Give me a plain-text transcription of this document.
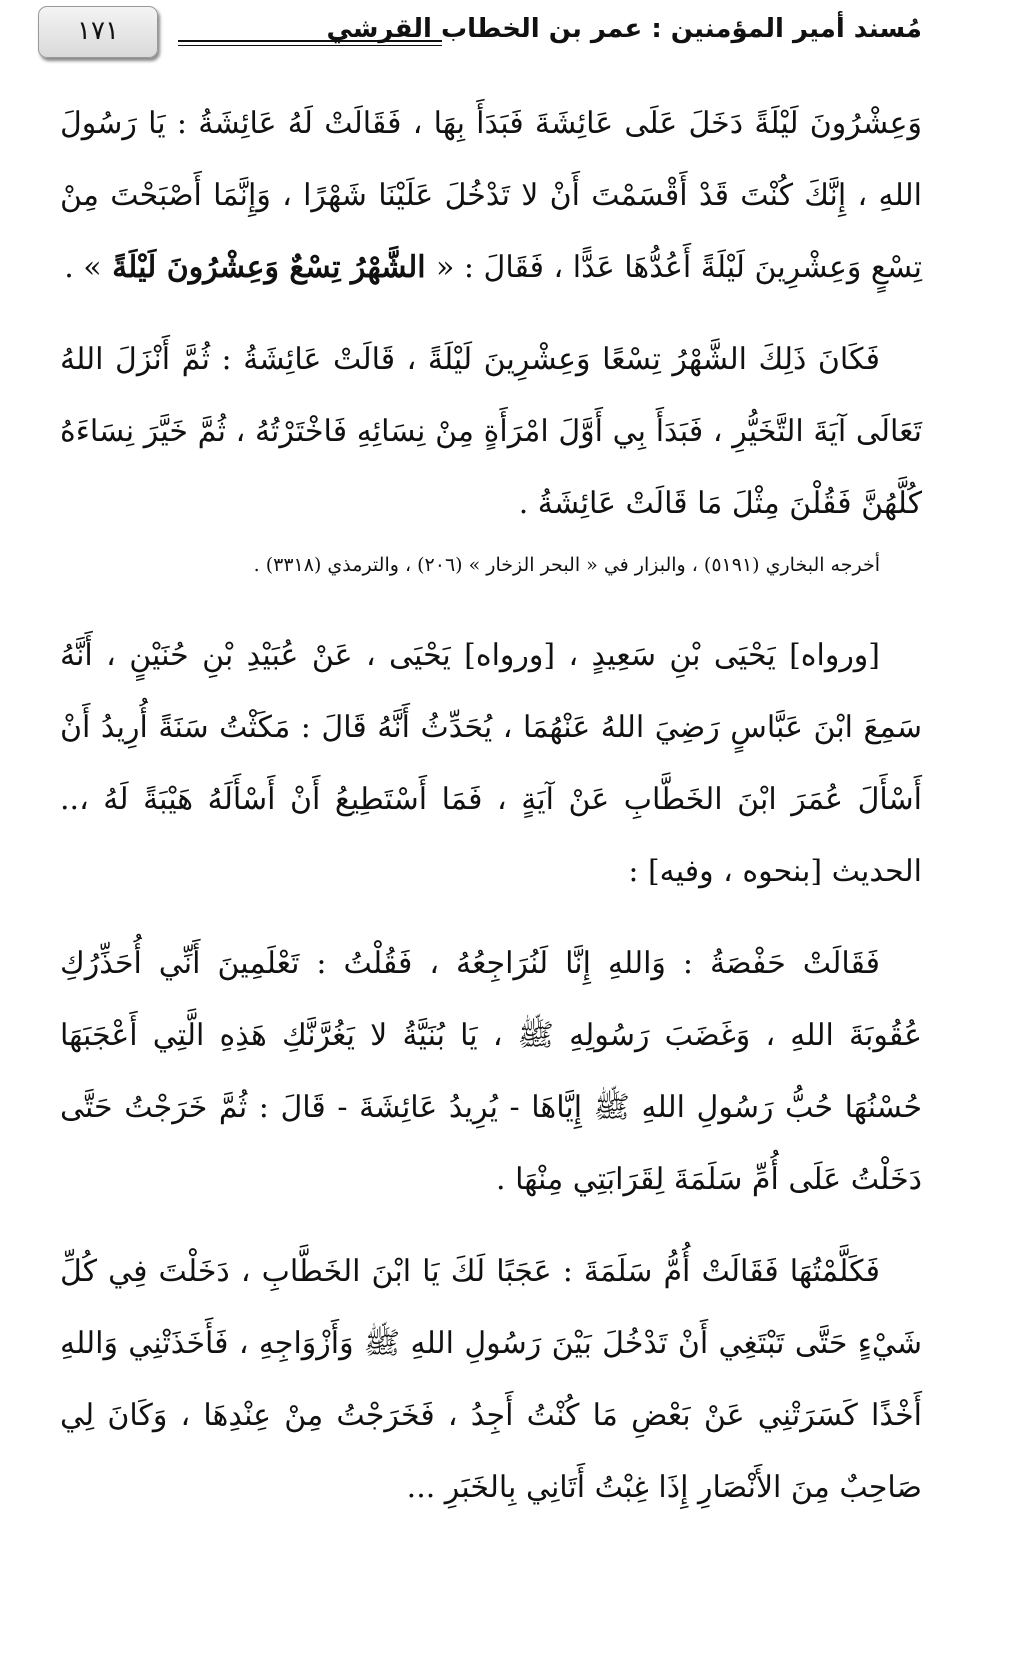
مُسند أمير المؤمنين : عمر بن الخطاب القرشي
١٧١

وَعِشْرُونَ لَيْلَةً دَخَلَ عَلَى عَائِشَةَ فَبَدَأَ بِهَا ، فَقَالَتْ لَهُ عَائِشَةُ : يَا رَسُولَ اللهِ ، إِنَّكَ كُنْتَ قَدْ أَقْسَمْتَ أَنْ لا تَدْخُلَ عَلَيْنَا شَهْرًا ، وَإِنَّمَا أَصْبَحْتَ مِنْ تِسْعٍ وَعِشْرِينَ لَيْلَةً أَعُدُّهَا عَدًّا ، فَقَالَ : « الشَّهْرُ تِسْعٌ وَعِشْرُونَ لَيْلَةً » .

فَكَانَ ذَلِكَ الشَّهْرُ تِسْعًا وَعِشْرِينَ لَيْلَةً ، قَالَتْ عَائِشَةُ : ثُمَّ أَنْزَلَ اللهُ تَعَالَى آيَةَ التَّخَيُّرِ ، فَبَدَأَ بِي أَوَّلَ امْرَأَةٍ مِنْ نِسَائِهِ فَاخْتَرْتُهُ ، ثُمَّ خَيَّرَ نِسَاءَهُ كُلَّهُنَّ فَقُلْنَ مِثْلَ مَا قَالَتْ عَائِشَةُ .

أخرجه البخاري (٥١٩١) ، والبزار في « البحر الزخار » (٢٠٦) ، والترمذي (٣٣١٨) .

[ورواه] يَحْيَى بْنِ سَعِيدٍ ، [ورواه] يَحْيَى ، عَنْ عُبَيْدِ بْنِ حُنَيْنٍ ، أَنَّهُ سَمِعَ ابْنَ عَبَّاسٍ رَضِيَ اللهُ عَنْهُمَا ، يُحَدِّثُ أَنَّهُ قَالَ : مَكَثْتُ سَنَةً أُرِيدُ أَنْ أَسْأَلَ عُمَرَ ابْنَ الخَطَّابِ عَنْ آيَةٍ ، فَمَا أَسْتَطِيعُ أَنْ أَسْأَلَهُ هَيْبَةً لَهُ ،.. الحديث [بنحوه ، وفيه] :

فَقَالَتْ حَفْصَةُ : وَاللهِ إِنَّا لَنُرَاجِعُهُ ، فَقُلْتُ : تَعْلَمِينَ أَنِّي أُحَذِّرُكِ عُقُوبَةَ اللهِ ، وَغَضَبَ رَسُولِهِ ﷺ ، يَا بُنَيَّةُ لا يَغُرَّنَّكِ هَذِهِ الَّتِي أَعْجَبَهَا حُسْنُهَا حُبُّ رَسُولِ اللهِ ﷺ إِيَّاهَا - يُرِيدُ عَائِشَةَ - قَالَ : ثُمَّ خَرَجْتُ حَتَّى دَخَلْتُ عَلَى أُمِّ سَلَمَةَ لِقَرَابَتِي مِنْهَا .

فَكَلَّمْتُهَا فَقَالَتْ أُمُّ سَلَمَةَ : عَجَبًا لَكَ يَا ابْنَ الخَطَّابِ ، دَخَلْتَ فِي كُلِّ شَيْءٍ حَتَّى تَبْتَغِي أَنْ تَدْخُلَ بَيْنَ رَسُولِ اللهِ ﷺ وَأَزْوَاجِهِ ، فَأَخَذَتْنِي وَاللهِ أَخْذًا كَسَرَتْنِي عَنْ بَعْضِ مَا كُنْتُ أَجِدُ ، فَخَرَجْتُ مِنْ عِنْدِهَا ، وَكَانَ لِي صَاحِبٌ مِنَ الأَنْصَارِ إِذَا غِبْتُ أَتَانِي بِالخَبَرِ ...
